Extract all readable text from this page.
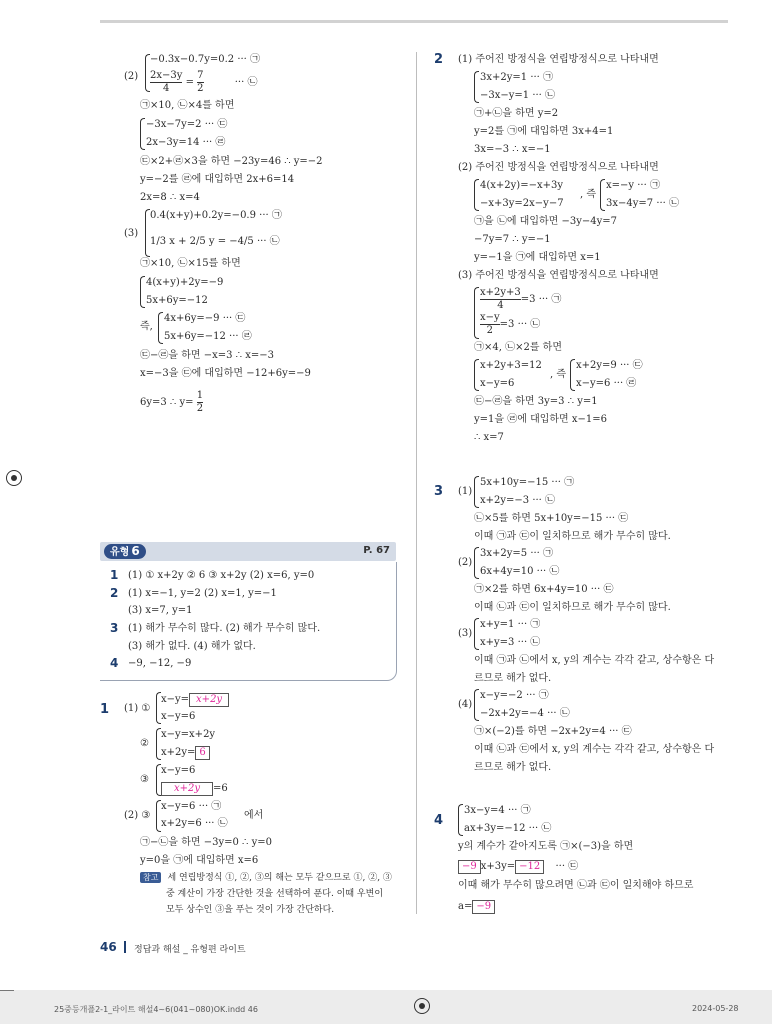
(2)
−0.3x−0.7y=0.2 ··· ㉠
$\frac{2x-3y}{4} = \frac{7}{2}$	··· ㉡
㉠×10, ㉡×4를 하면
−3x−7y=2 ··· ㉢
2x−3y=14 ··· ㉣
㉢×2+㉣×3을 하면 −23y=46 ∴ y=−2
y=−2를 ㉣에 대입하면 2x+6=14
2x=8 ∴ x=4
(3)
0.4(x+y)+0.2y=−0.9 ··· ㉠
1/3 x + 2/5 y = −4/5 ··· ㉡
㉠×10, ㉡×15를 하면
4(x+y)+2y=−9
5x+6y=−12
즉,
4x+6y=−9 ··· ㉢
5x+6y=−12 ··· ㉣
㉢−㉣을 하면 −x=3 ∴ x=−3
x=−3을 ㉢에 대입하면 −12+6y=−9
6y=3 ∴ $y= \frac{1}{2}$
유형 6	P. 67
1 (1) ① x+2y ② 6 ③ x+2y (2) x=6, y=0
2 (1) x=−1, y=2 (2) x=1, y=−1
(3) x=7, y=1
3 (1) 해가 무수히 많다. (2) 해가 무수히 많다.
(3) 해가 없다. (4) 해가 없다.
4 −9, −12, −9
1 (1) ①
x−y= x+2y
x−y=6
②
x−y=x+2y
x+2y= 6
③
x−y=6
x+2y =6
(2) ③
x−y=6 ··· ㉠
x+2y=6 ··· ㉡
에서
㉠−㉡을 하면 −3y=0 ∴ y=0
y=0을 ㉠에 대입하면 x=6
참고 세 연립방정식 ①, ②, ③의 해는 모두 같으므로 ①, ②, ③
중 계산이 가장 간단한 것을 선택하여 푼다. 이때 우변이
모두 상수인 ③을 푸는 것이 가장 간단하다.
2 (1) 주어진 방정식을 연립방정식으로 나타내면
3x+2y=1 ··· ㉠
−3x−y=1 ··· ㉡
㉠+㉡을 하면 y=2
y=2를 ㉠에 대입하면 3x+4=1
3x=−3 ∴ x=−1
(2) 주어진 방정식을 연립방정식으로 나타내면
4(x+2y)=−x+3y
−x+3y=2x−y−7
, 즉
x=−y ··· ㉠
3x−4y=7 ··· ㉡
㉠을 ㉡에 대입하면 −3y−4y=7
−7y=7 ∴ y=−1
y=−1을 ㉠에 대입하면 x=1
(3) 주어진 방정식을 연립방정식으로 나타내면
$\frac{x+2y+3}{4} =3$ ··· ㉠
$\frac{x-y}{2} =3$ ··· ㉡
㉠×4, ㉡×2를 하면
x+2y+3=12
x−y=6
, 즉
x+2y=9 ··· ㉢
x−y=6 ··· ㉣
㉢−㉣을 하면 3y=3 ∴ y=1
y=1을 ㉣에 대입하면 x−1=6
∴ x=7
3 (1)
5x+10y=−15 ··· ㉠
x+2y=−3 ··· ㉡
㉡×5를 하면 5x+10y=−15 ··· ㉢
이때 ㉠과 ㉢이 일치하므로 해가 무수히 많다.
(2)
3x+2y=5 ··· ㉠
6x+4y=10 ··· ㉡
㉠×2를 하면 6x+4y=10 ··· ㉢
이때 ㉡과 ㉢이 일치하므로 해가 무수히 많다.
(3)
x+y=1 ··· ㉠
x+y=3 ··· ㉡
이때 ㉠과 ㉡에서 x, y의 계수는 각각 같고, 상수항은 다
르므로 해가 없다.
(4)
x−y=−2 ··· ㉠
−2x+2y=−4 ··· ㉡
㉠×(−2)를 하면 −2x+2y=4 ··· ㉢
이때 ㉡과 ㉢에서 x, y의 계수는 각각 같고, 상수항은 다
르므로 해가 없다.
4
3x−y=4 ··· ㉠
ax+3y=−12 ··· ㉡
y의 계수가 같아지도록 ㉠×(−3)을 하면
−9 x+3y= −12 ··· ㉢
이때 해가 무수히 많으려면 ㉡과 ㉢이 일치해야 하므로
a= −9
46 정답과 해설 _ 유형편 라이트
25중등개플2-1_라이트 해설4~6(041~080)OK.indd 46	2024-05-28
